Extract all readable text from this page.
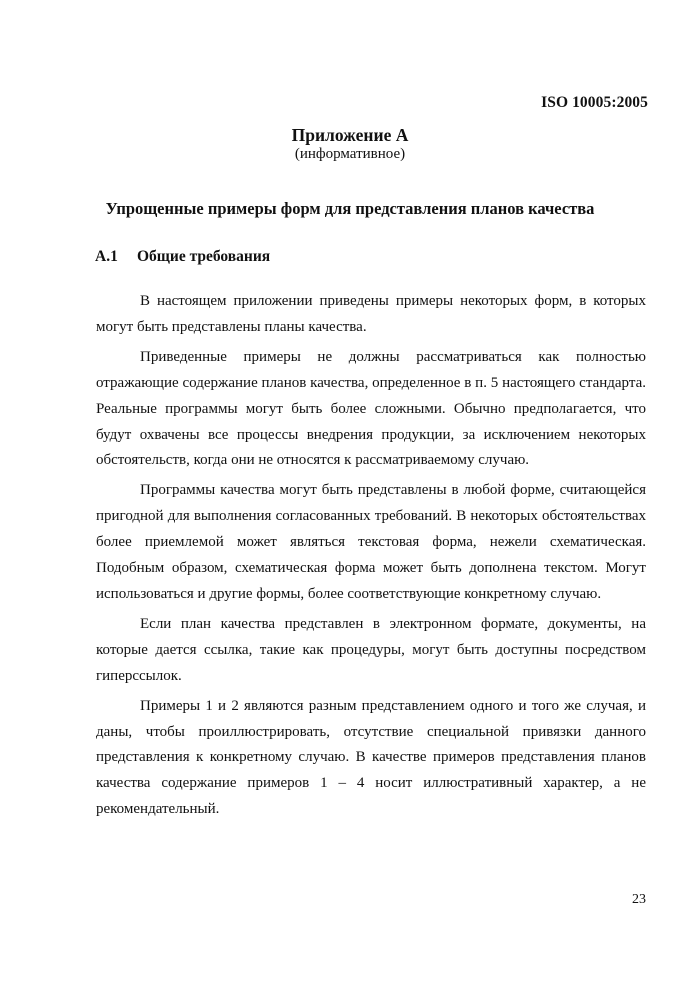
ISO 10005:2005
Приложение А
(информативное)
Упрощенные примеры форм для представления планов качества
А.1 Общие требования

В настоящем приложении приведены примеры некоторых форм, в которых могут быть представлены планы качества.

Приведенные примеры не должны рассматриваться как полностью отражающие содержание планов качества, определенное в п. 5 настоящего стандарта. Реальные программы могут быть более сложными. Обычно предполагается, что будут охвачены все процессы внедрения продукции, за исключением некоторых обстоятельств, когда они не относятся к рассматриваемому случаю.

Программы качества могут быть представлены в любой форме, считающейся пригодной для выполнения согласованных требований. В некоторых обстоятельствах более приемлемой может являться текстовая форма, нежели схематическая. Подобным образом, схематическая форма может быть дополнена текстом. Могут использоваться и другие формы, более соответствующие конкретному случаю.

Если план качества представлен в электронном формате, документы, на которые дается ссылка, такие как процедуры, могут быть доступны посредством гиперссылок.

Примеры 1 и 2 являются разным представлением одного и того же случая, и даны, чтобы проиллюстрировать, отсутствие специальной привязки данного представления к конкретному случаю. В качестве примеров представления планов качества содержание примеров 1 – 4 носит иллюстративный характер, а не рекомендательный.

23
